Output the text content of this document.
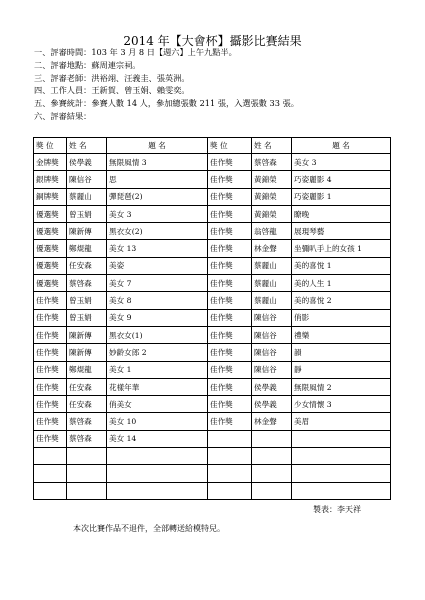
2014 年【大會杯】攝影比賽結果
一、評審時間：103 年 3 月 8 日【週六】上午九點半。
二、評審地點：蘇周連宗祠。
三、評審老師：洪裕翊、汪義圭、張英洲。
四、工作人員：王新賀、曾玉娟、賴雯奕。
五、參賽統計：參賽人數 14 人，參加總張數 211 張，入選張數 33 張。
六、評審結果：
獎 位	姓 名	題 名	獎 位	姓 名	題 名
金牌獎	侯學義	無限風情 3	佳作獎	蔡啓森	美女 3
銀牌獎	陳信谷	思	佳作獎	黃錦榮	巧姿麗影 4
銅牌獎	蔡麗山	彈琵琶(2)	佳作獎	黃錦榮	巧姿麗影 1
優選獎	曾玉娟	美女 3	佳作獎	黃錦榮	瞭晚
優選獎	陳新傳	黑衣女(2)	佳作獎	翁啓龍	展現琴藝
優選獎	鄭焜龍	美女 13	佳作獎	林金聲	坐彌叭手上的女孩 1
優選獎	任安森	美姿	佳作獎	蔡麗山	美的喜悅 1
優選獎	蔡啓森	美女 7	佳作獎	蔡麗山	美的人生 1
佳作獎	曾玉娟	美女 8	佳作獎	蔡麗山	美的喜悅 2
佳作獎	曾玉娟	美女 9	佳作獎	陳信谷	俏影
佳作獎	陳新傳	黑衣女(1)	佳作獎	陳信谷	禮樂
佳作獎	陳新傳	妙齡女郎 2	佳作獎	陳信谷	韻
佳作獎	鄭焜龍	美女 1	佳作獎	陳信谷	靜
佳作獎	任安森	花樣年華	佳作獎	侯學義	無限風情 2
佳作獎	任安森	俏美女	佳作獎	侯學義	少女情懷 3
佳作獎	蔡啓森	美女 10	佳作獎	林金聲	美眉
佳作獎	蔡啓森	美女 14			

製表：李天祥
本次比賽作品不退件，全部轉送給模特兒。
